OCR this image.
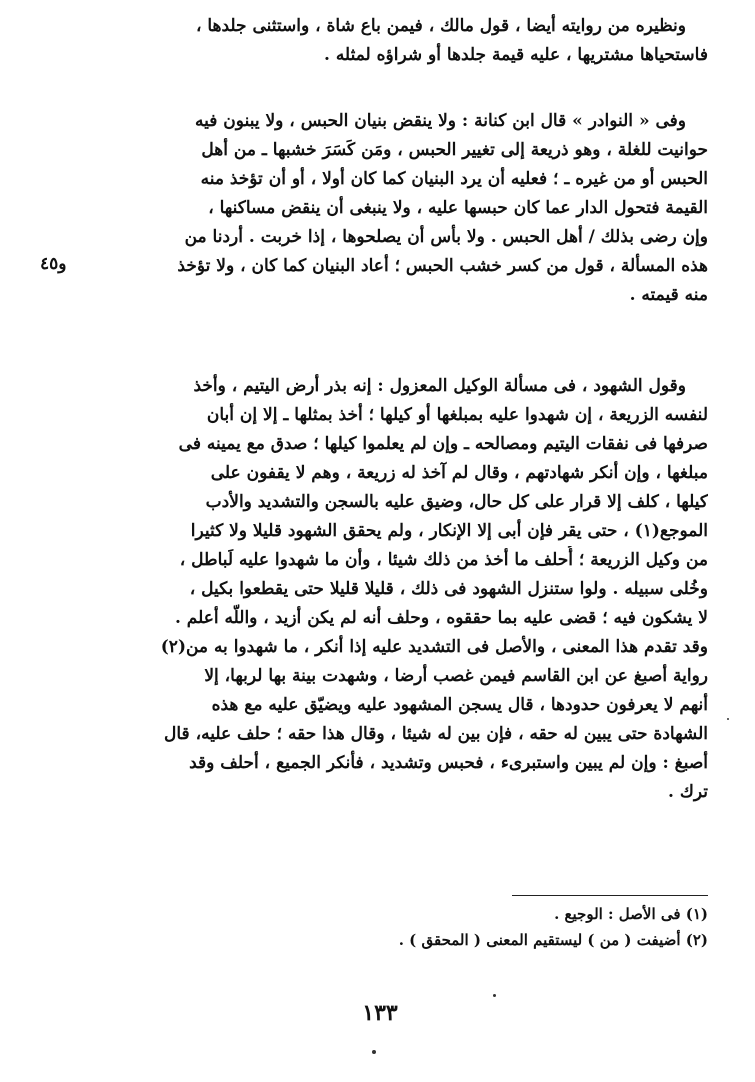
ونظيره من روايته أيضا ، قول مالك ، فيمن باع شاة ، واستثنى جلدها ،
فاستحياها مشتريها ، عليه قيمة جلدها أو شراؤه لمثله .
وفى « النوادر » قال ابن كنانة : ولا ينقض بنيان الحبس ، ولا يبنون فيه
حوانيت للغلة ، وهو ذريعة إلى تغيير الحبس ، ومَن كَسَرَ خشبها ـ من أهل
الحبس أو من غيره ـ ؛ فعليه أن يرد البنيان كما كان أولا ، أو أن تؤخذ منه
القيمة فتحول الدار عما كان حبسها عليه ، ولا ينبغى أن ينقض مساكنها ،
وإن رضى بذلك / أهل الحبس . ولا بأس أن يصلحوها ، إذا خربت . أردنا من
هذه المسألة ، قول من كسر خشب الحبس ؛ أعاد البنيان كما كان ، ولا تؤخذ
منه قيمته .
و٤٥
وقول الشهود ، فى مسألة الوكيل المعزول : إنه بذر أرض اليتيم ، وأخذ
لنفسه الزريعة ، إن شهدوا عليه بمبلغها أو كيلها ؛ أخذ بمثلها ـ إلا إن أبان
صرفها فى نفقات اليتيم ومصالحه ـ وإن لم يعلموا كيلها ؛ صدق مع يمينه فى
مبلغها ، وإن أنكر شهادتهم ، وقال لم آخذ له زريعة ، وهم لا يقفون على
كيلها ، كلف إلا قرار على كل حال، وضيق عليه بالسجن والتشديد والأدب
الموجع(١) ، حتى يقر فإن أبى إلا الإنكار ، ولم يحقق الشهود قليلا ولا كثيرا
من وكيل الزريعة ؛ أُحلف ما أخذ من ذلك شيئا ، وأن ما شهدوا عليه لَباطل ،
وخُلى سبيله . ولوا ستنزل الشهود فى ذلك ، قليلا قليلا حتى يقطعوا بكيل ،
لا يشكون فيه ؛ قضى عليه بما حققوه ، وحلف أنه لم يكن أزيد ، واللّه أعلم .
وقد تقدم هذا المعنى ، والأصل فى التشديد عليه إذا أنكر ، ما شهدوا به من(٢)
رواية أصبغ عن ابن القاسم فيمن غصب أرضا ، وشهدت بينة بها لربها، إلا
أنهم لا يعرفون حدودها ، قال يسجن المشهود عليه ويضيّق عليه مع هذه
الشهادة حتى يبين له حقه ، فإن بين له شيئا ، وقال هذا حقه ؛ حلف عليه، قال
أصبغ : وإن لم يبين واستبرىء ، فحبس وتشديد ، فأنكر الجميع ، أحلف وقد
ترك .
(١) فى الأصل : الوجيع .
(٢) أضيفت ( من ) ليستقيم المعنى ( المحقق ) .
١٣٣
